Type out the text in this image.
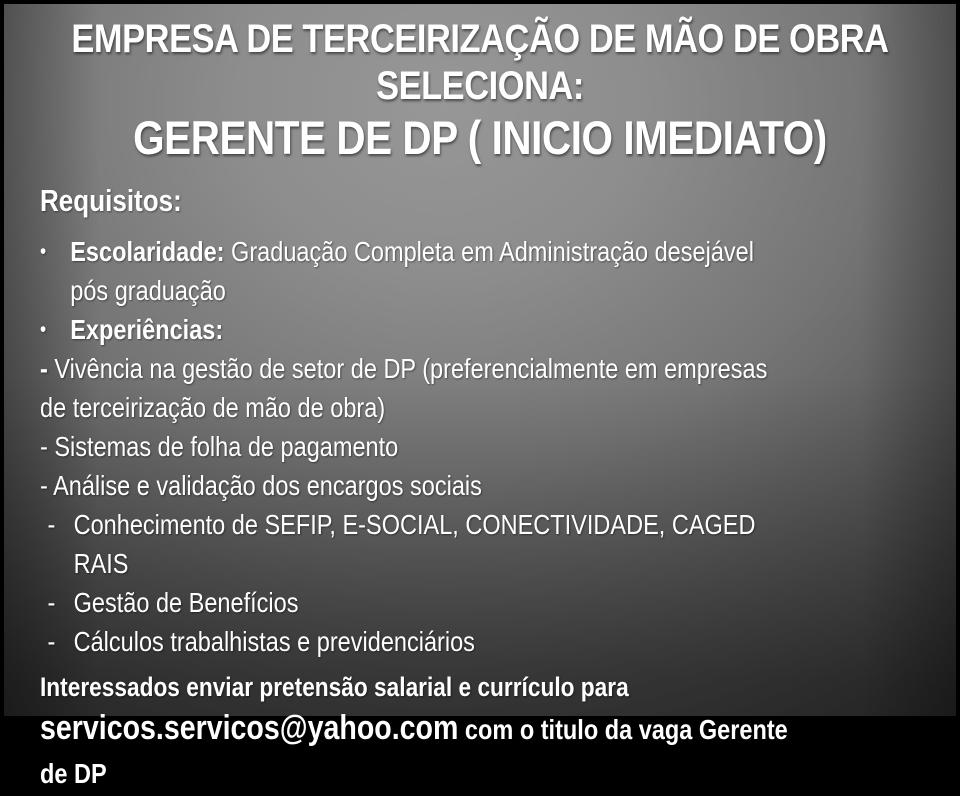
EMPRESA DE TERCEIRIZAÇÃO DE MÃO DE OBRA
SELECIONA:
GERENTE DE DP ( INICIO IMEDIATO)
Requisitos:
• Escolaridade: Graduação Completa em Administração desejável
pós graduação
• Experiências:
- Vivência na gestão de setor de DP (preferencialmente em empresas
de terceirização de mão de obra)
- Sistemas de folha de pagamento
- Análise e validação dos encargos sociais
- Conhecimento de SEFIP, E-SOCIAL, CONECTIVIDADE, CAGED RAIS
- Gestão de Benefícios
- Cálculos trabalhistas e previdenciários
Interessados enviar pretensão salarial e currículo para
servicos.servicos@yahoo.com com o titulo da vaga Gerente de DP
